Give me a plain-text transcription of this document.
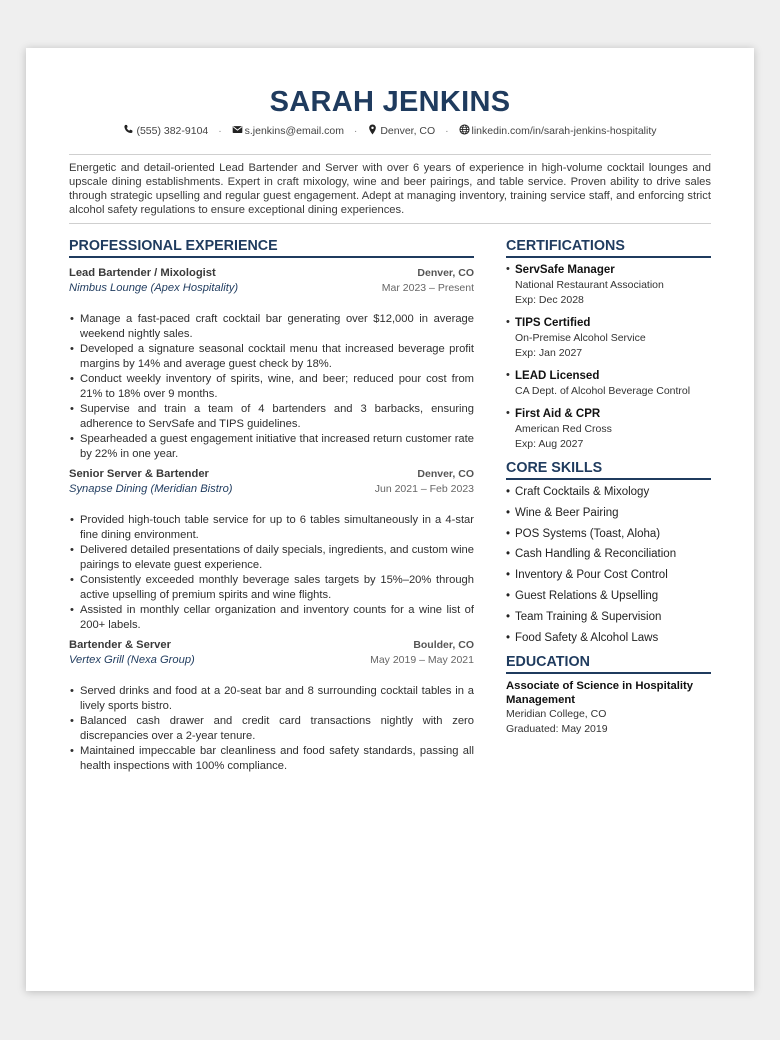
SARAH JENKINS
(555) 382-9104 · s.jenkins@email.com · Denver, CO · linkedin.com/in/sarah-jenkins-hospitality

Energetic and detail-oriented Lead Bartender and Server with over 6 years of experience in high-volume cocktail lounges and upscale dining establishments. Expert in craft mixology, wine and beer pairings, and table service. Proven ability to drive sales through strategic upselling and regular guest engagement. Adept at managing inventory, training service staff, and enforcing strict alcohol safety regulations to ensure exceptional dining experiences.

PROFESSIONAL EXPERIENCE
Lead Bartender / Mixologist	Denver, CO
Nimbus Lounge (Apex Hospitality)	Mar 2023 – Present
• Manage a fast-paced craft cocktail bar generating over $12,000 in average weekend nightly sales.
• Developed a signature seasonal cocktail menu that increased beverage profit margins by 14% and average guest check by 18%.
• Conduct weekly inventory of spirits, wine, and beer; reduced pour cost from 21% to 18% over 9 months.
• Supervise and train a team of 4 bartenders and 3 barbacks, ensuring adherence to ServSafe and TIPS guidelines.
• Spearheaded a guest engagement initiative that increased return customer rate by 22% in one year.
Senior Server & Bartender	Denver, CO
Synapse Dining (Meridian Bistro)	Jun 2021 – Feb 2023
• Provided high-touch table service for up to 6 tables simultaneously in a 4-star fine dining environment.
• Delivered detailed presentations of daily specials, ingredients, and custom wine pairings to elevate guest experience.
• Consistently exceeded monthly beverage sales targets by 15%–20% through active upselling of premium spirits and wine flights.
• Assisted in monthly cellar organization and inventory counts for a wine list of 200+ labels.
Bartender & Server	Boulder, CO
Vertex Grill (Nexa Group)	May 2019 – May 2021
• Served drinks and food at a 20-seat bar and 8 surrounding cocktail tables in a lively sports bistro.
• Balanced cash drawer and credit card transactions nightly with zero discrepancies over a 2-year tenure.
• Maintained impeccable bar cleanliness and food safety standards, passing all health inspections with 100% compliance.
CERTIFICATIONS
• ServSafe Manager
National Restaurant Association
Exp: Dec 2028
• TIPS Certified
On-Premise Alcohol Service
Exp: Jan 2027
• LEAD Licensed
CA Dept. of Alcohol Beverage Control
• First Aid & CPR
American Red Cross
Exp: Aug 2027
CORE SKILLS
• Craft Cocktails & Mixology
• Wine & Beer Pairing
• POS Systems (Toast, Aloha)
• Cash Handling & Reconciliation
• Inventory & Pour Cost Control
• Guest Relations & Upselling
• Team Training & Supervision
• Food Safety & Alcohol Laws
EDUCATION
Associate of Science in Hospitality Management
Meridian College, CO
Graduated: May 2019
